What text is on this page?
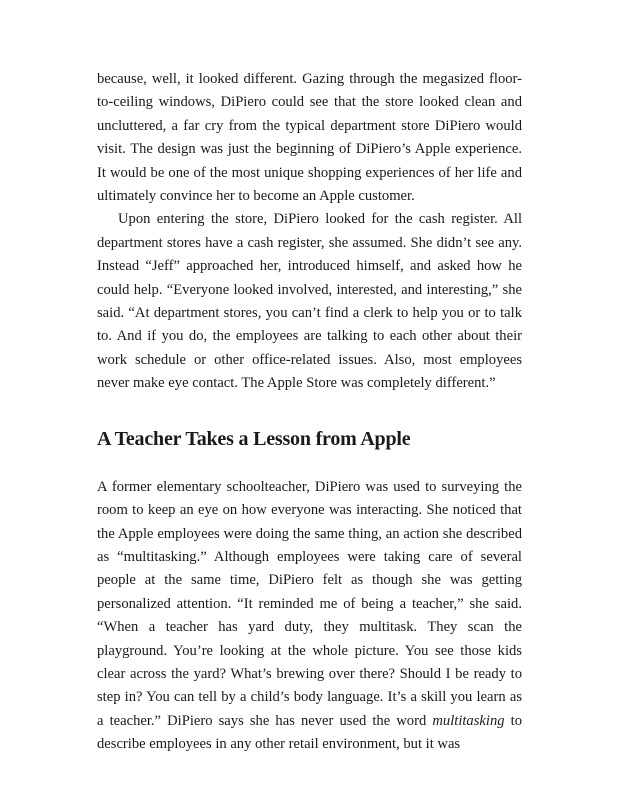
because, well, it looked different. Gazing through the megasized floor-to-ceiling windows, DiPiero could see that the store looked clean and uncluttered, a far cry from the typical department store DiPiero would visit. The design was just the beginning of DiPiero’s Apple experience. It would be one of the most unique shopping experiences of her life and ultimately convince her to become an Apple customer.

Upon entering the store, DiPiero looked for the cash register. All department stores have a cash register, she assumed. She didn’t see any. Instead “Jeff” approached her, introduced himself, and asked how he could help. “Everyone looked involved, interested, and interesting,” she said. “At department stores, you can’t find a clerk to help you or to talk to. And if you do, the employees are talking to each other about their work schedule or other office-related issues. Also, most employees never make eye contact. The Apple Store was completely different.”

A Teacher Takes a Lesson from Apple

A former elementary schoolteacher, DiPiero was used to surveying the room to keep an eye on how everyone was interacting. She noticed that the Apple employees were doing the same thing, an action she described as “multitasking.” Although employees were taking care of several people at the same time, DiPiero felt as though she was getting personalized attention. “It reminded me of being a teacher,” she said. “When a teacher has yard duty, they multitask. They scan the playground. You’re looking at the whole picture. You see those kids clear across the yard? What’s brewing over there? Should I be ready to step in? You can tell by a child’s body language. It’s a skill you learn as a teacher.” DiPiero says she has never used the word multitasking to describe employees in any other retail environment, but it was
